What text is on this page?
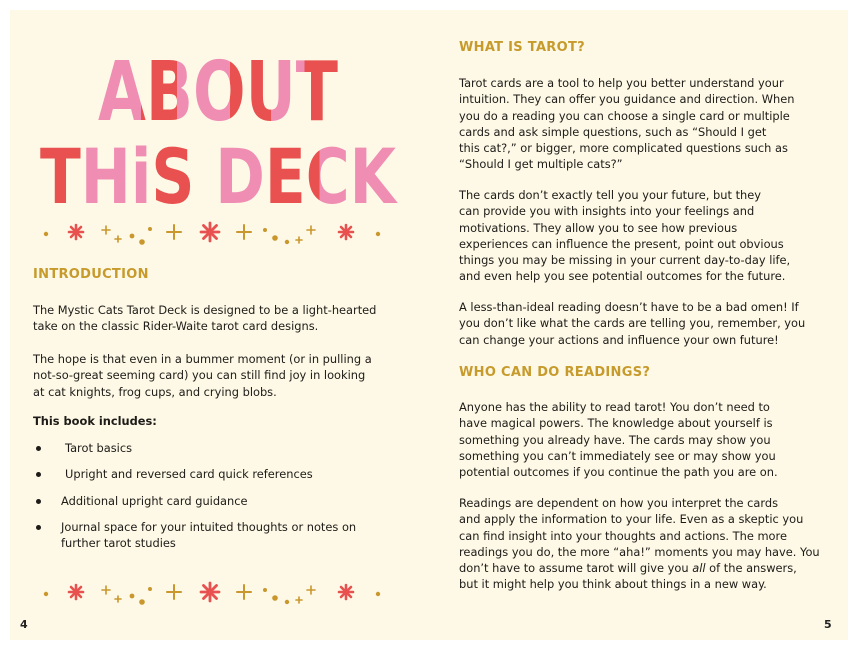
ABOUT
THiS DECK
INTRODUCTION

The Mystic Cats Tarot Deck is designed to be a light-hearted
take on the classic Rider-Waite tarot card designs.

The hope is that even in a bummer moment (or in pulling a
not-so-great seeming card) you can still find joy in looking
at cat knights, frog cups, and crying blobs.

This book includes:

Tarot basics
Upright and reversed card quick references
Additional upright card guidance
Journal space for your intuited thoughts or notes on
further tarot studies
4
WHAT IS TAROT?

Tarot cards are a tool to help you better understand your
intuition. They can offer you guidance and direction. When
you do a reading you can choose a single card or multiple
cards and ask simple questions, such as “Should I get
this cat?,” or bigger, more complicated questions such as
“Should I get multiple cats?”

The cards don’t exactly tell you your future, but they
can provide you with insights into your feelings and
motivations. They allow you to see how previous
experiences can influence the present, point out obvious
things you may be missing in your current day-to-day life,
and even help you see potential outcomes for the future.

A less-than-ideal reading doesn’t have to be a bad omen! If
you don’t like what the cards are telling you, remember, you
can change your actions and influence your own future!

WHO CAN DO READINGS?

Anyone has the ability to read tarot! You don’t need to
have magical powers. The knowledge about yourself is
something you already have. The cards may show you
something you can’t immediately see or may show you
potential outcomes if you continue the path you are on.

Readings are dependent on how you interpret the cards
and apply the information to your life. Even as a skeptic you
can find insight into your thoughts and actions. The more
readings you do, the more “aha!” moments you may have. You
don’t have to assume tarot will give you all of the answers,
but it might help you think about things in a new way.

5
